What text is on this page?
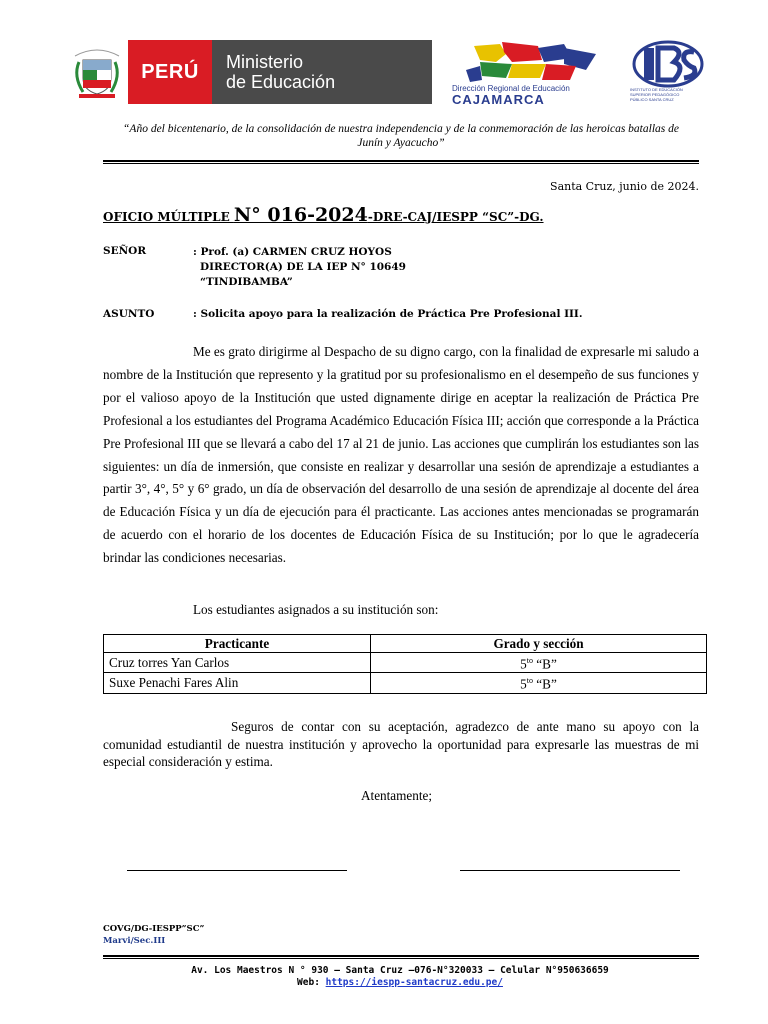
PERÚ	Ministerio
de Educación	Dirección Regional de Educación
CAJAMARCA
INSTITUTO DE EDUCACIÓN SUPERIOR PEDAGÓGICO PÚBLICO SANTA CRUZ
“Año del bicentenario, de la consolidación de nuestra independencia y de la conmemoración de las heroicas batallas de Junín y Ayacucho”
Santa Cruz, junio de 2024.
OFICIO MÚLTIPLE N° 016-2024-DRE-CAJ/IESPP “SC”-DG.
SEÑOR	: Prof. (a) CARMEN CRUZ HOYOS
DIRECTOR(A) DE LA IEP N° 10649
“TINDIBAMBA”
ASUNTO	: Solicita apoyo para la realización de Práctica Pre Profesional III.
Me es grato dirigirme al Despacho de su digno cargo, con la finalidad de expresarle mi saludo a nombre de la Institución que represento y la gratitud por su profesionalismo en el desempeño de sus funciones y por el valioso apoyo de la Institución que usted dignamente dirige en aceptar la realización de Práctica Pre Profesional a los estudiantes del Programa Académico Educación Física III; acción que corresponde a la Práctica Pre Profesional III que se llevará a cabo del 17 al 21 de junio. Las acciones que cumplirán los estudiantes son las siguientes: un día de inmersión, que consiste en realizar y desarrollar una sesión de aprendizaje a estudiantes a partir 3°, 4°, 5° y 6° grado, un día de observación del desarrollo de una sesión de aprendizaje al docente del área de Educación Física y un día de ejecución para él practicante. Las acciones antes mencionadas se programarán de acuerdo con el horario de los docentes de Educación Física de su Institución; por lo que le agradecería brindar las condiciones necesarias.
Los estudiantes asignados a su institución son:
Practicante	Grado y sección
Cruz torres Yan Carlos	$5^{to}$ “B”
Suxe Penachi Fares Alin	$5^{to}$ “B”
Seguros de contar con su aceptación, agradezco de ante mano su apoyo con la comunidad estudiantil de nuestra institución y aprovecho la oportunidad para expresarle las muestras de mi especial consideración y estima.
Atentamente;
COVG/DG-IESPP”SC”
Marvi/Sec.III
Av. Los Maestros N ° 930 – Santa Cruz –076-N°320033 – Celular N°950636659
Web: https://iespp-santacruz.edu.pe/
